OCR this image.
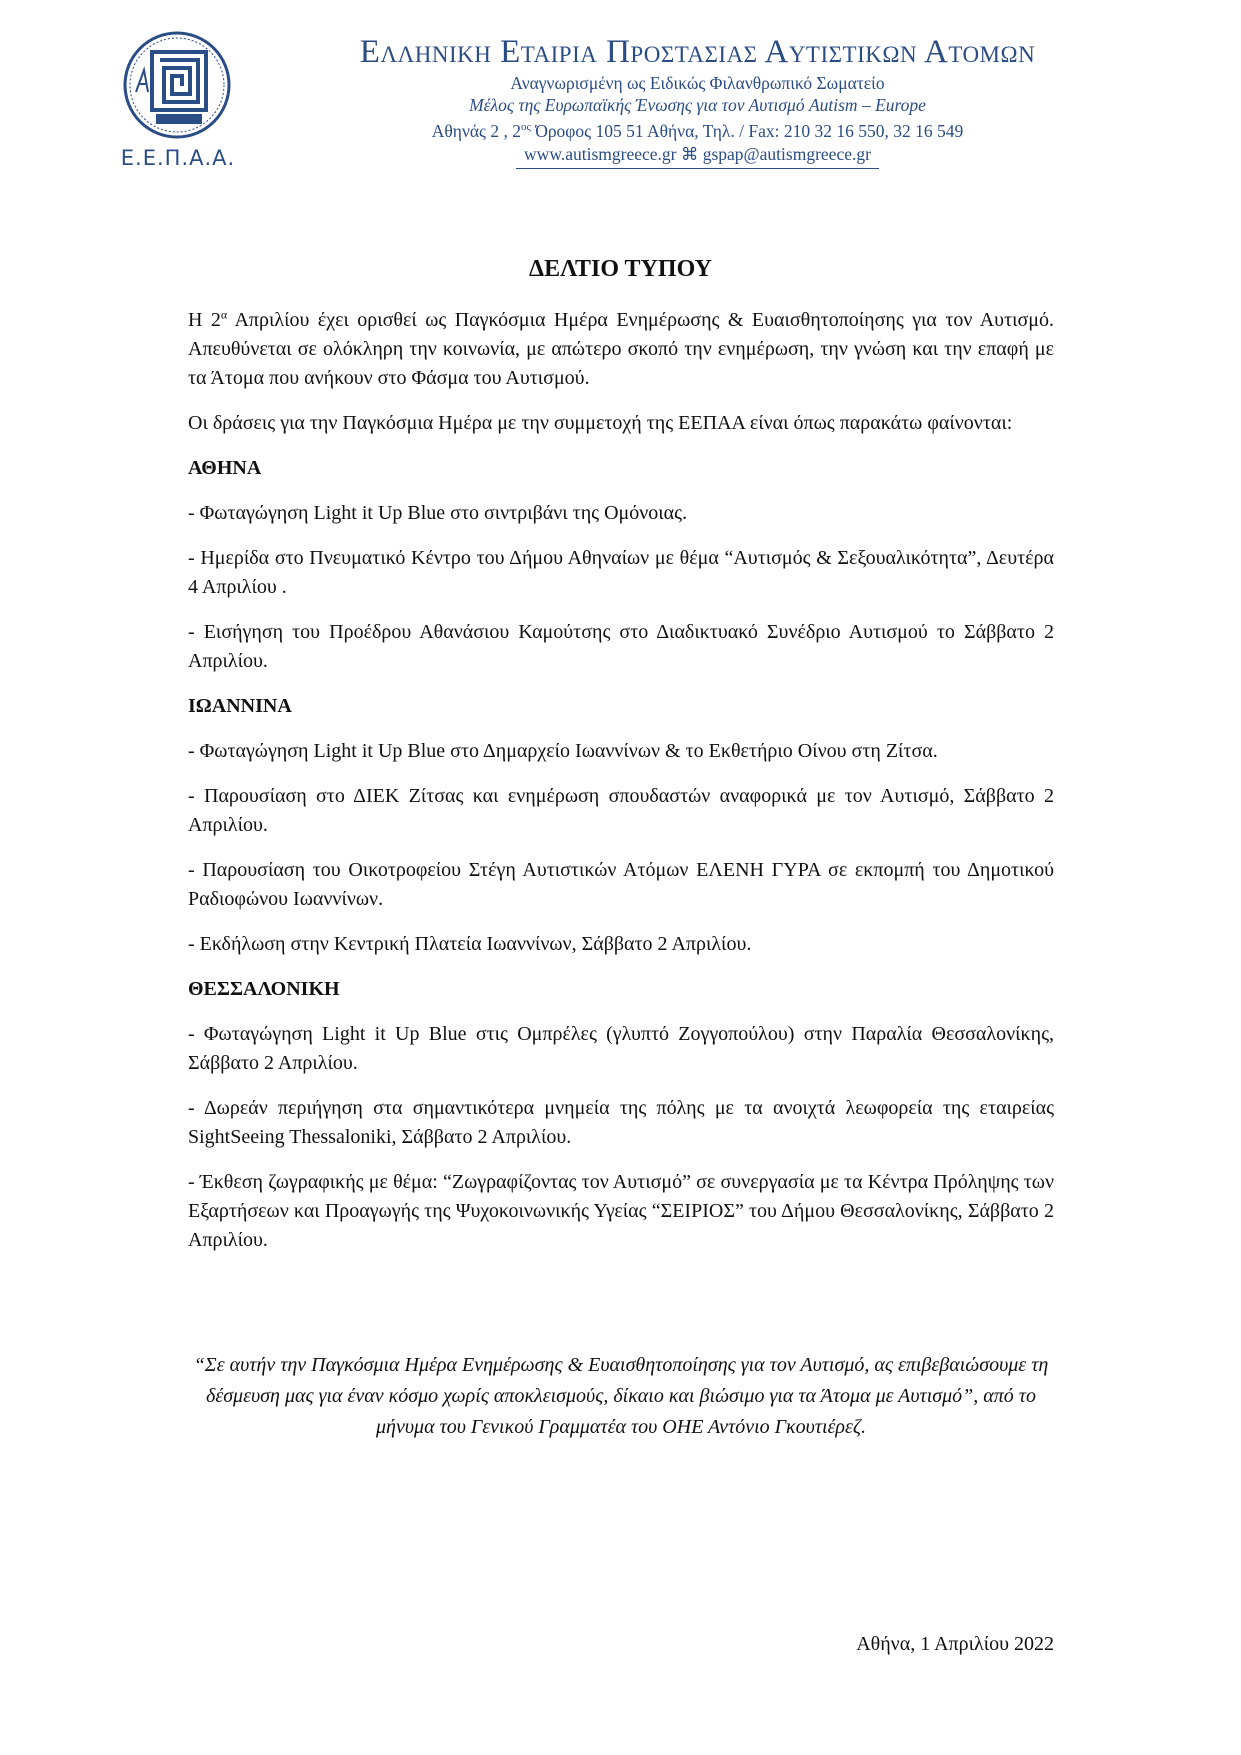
Ε.Ε.Π.Α.Α.
Ελληνικη Εταιρια Προστασιας Αυτιστικων Ατομων
Αναγνωρισμένη ως Ειδικώς Φιλανθρωπικό Σωματείο
Μέλος της Ευρωπαϊκής Ένωσης για τον Αυτισμό Autism – Europe
Αθηνάς 2 , $2^{o\varsigma}$ Όροφος 105 51 Αθήνα, Τηλ. / Fax: 210 32 16 550, 32 16 549
www.autismgreece.gr ⌘ gspap@autismgreece.gr
ΔΕΛΤΙΟ ΤΥΠΟΥ

Η $2^\alpha$ Απριλίου έχει ορισθεί ως Παγκόσμια Ημέρα Ενημέρωσης & Ευαισθητοποίησης για τον Αυτισμό. Απευθύνεται σε ολόκληρη την κοινωνία, με απώτερο σκοπό την ενημέρωση, την γνώση και την επαφή με τα Άτομα που ανήκουν στο Φάσμα του Αυτισμού.

Οι δράσεις για την Παγκόσμια Ημέρα με την συμμετοχή της ΕΕΠΑΑ είναι όπως παρακάτω φαίνονται:

ΑΘΗΝΑ

- Φωταγώγηση Light it Up Blue στο σιντριβάνι της Ομόνοιας.

- Ημερίδα στο Πνευματικό Κέντρο του Δήμου Αθηναίων με θέμα “Αυτισμός & Σεξουαλικότητα”, Δευτέρα 4 Απριλίου .

- Εισήγηση του Προέδρου Αθανάσιου Καμούτσης στο Διαδικτυακό Συνέδριο Αυτισμού το Σάββατο 2 Απριλίου.

ΙΩΑΝΝΙΝΑ

- Φωταγώγηση Light it Up Blue στο Δημαρχείο Ιωαννίνων & το Εκθετήριο Οίνου στη Ζίτσα.

- Παρουσίαση στο ΔΙΕΚ Ζίτσας και ενημέρωση σπουδαστών αναφορικά με τον Αυτισμό, Σάββατο 2 Απριλίου.

- Παρουσίαση του Οικοτροφείου Στέγη Αυτιστικών Ατόμων ΕΛΕΝΗ ΓΥΡΑ σε εκπομπή του Δημοτικού Ραδιοφώνου Ιωαννίνων.

- Εκδήλωση στην Κεντρική Πλατεία Ιωαννίνων, Σάββατο 2 Απριλίου.

ΘΕΣΣΑΛΟΝΙΚΗ

- Φωταγώγηση Light it Up Blue στις Ομπρέλες (γλυπτό Ζογγοπούλου) στην Παραλία Θεσσαλονίκης, Σάββατο 2 Απριλίου.

- Δωρεάν περιήγηση στα σημαντικότερα μνημεία της πόλης με τα ανοιχτά λεωφορεία της εταιρείας SightSeeing Thessaloniki, Σάββατο 2 Απριλίου.

- Έκθεση ζωγραφικής με θέμα: “Ζωγραφίζοντας τον Αυτισμό” σε συνεργασία με τα Κέντρα Πρόληψης των Εξαρτήσεων και Προαγωγής της Ψυχοκοινωνικής Υγείας “ΣΕΙΡΙΟΣ” του Δήμου Θεσσαλονίκης, Σάββατο 2 Απριλίου.

“Σε αυτήν την Παγκόσμια Ημέρα Ενημέρωσης & Ευαισθητοποίησης για τον Αυτισμό, ας επιβεβαιώσουμε τη δέσμευση μας για έναν κόσμο χωρίς αποκλεισμούς, δίκαιο και βιώσιμο για τα Άτομα με Αυτισμό”, από το μήνυμα του Γενικού Γραμματέα του ΟΗΕ Αντόνιο Γκουτιέρεζ.
Αθήνα, 1 Απριλίου 2022
